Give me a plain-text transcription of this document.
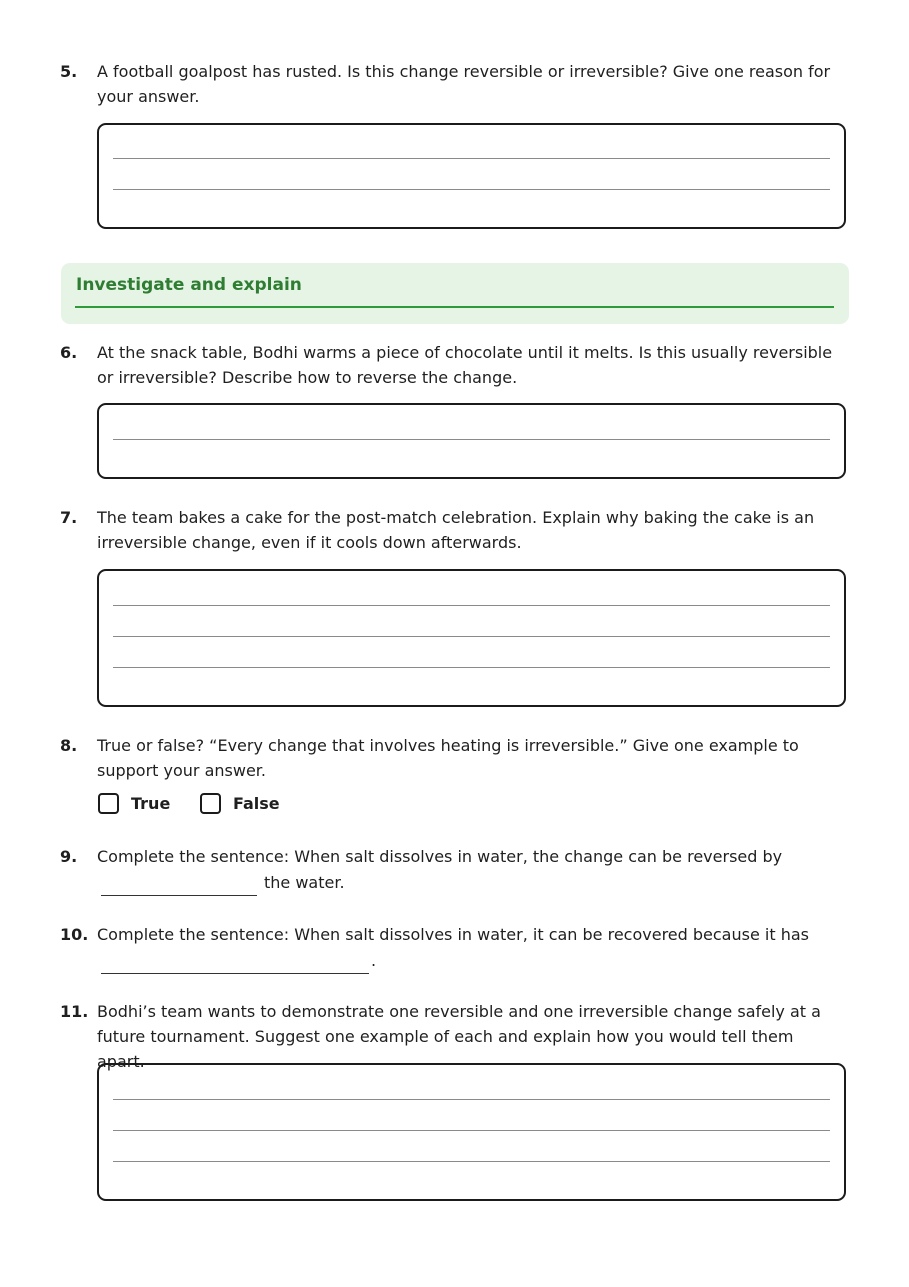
5. A football goalpost has rusted. Is this change reversible or irreversible? Give one reason for your answer.
Investigate and explain
6. At the snack table, Bodhi warms a piece of chocolate until it melts. Is this usually reversible or irreversible? Describe how to reverse the change.
7. The team bakes a cake for the post-match celebration. Explain why baking the cake is an irreversible change, even if it cools down afterwards.
8. True or false? “Every change that involves heating is irreversible.” Give one example to support your answer.
True	False
9. Complete the sentence: When salt dissolves in water, the change can be reversed by
the water.
10. Complete the sentence: When salt dissolves in water, it can be recovered because it has
.
11. Bodhi’s team wants to demonstrate one reversible and one irreversible change safely at a future tournament. Suggest one example of each and explain how you would tell them apart.
